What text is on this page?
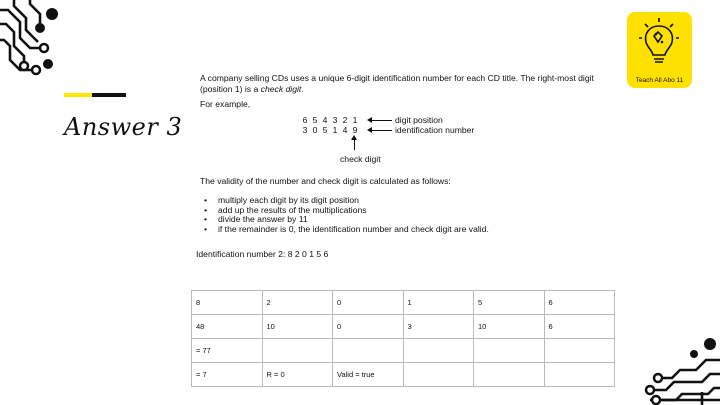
Answer 3
Teach All Abo 11
A company selling CDs uses a unique 6-digit identification number for each CD title. The right-most digit (position 1) is a check digit.
For example,
6 5 4 3 2 1
3 0 5 1 4 9
digit position
identification number
check digit
The validity of the number and check digit is calculated as follows:
• multiply each digit by its digit position
• add up the results of the multiplications
• divide the answer by 11
• if the remainder is 0, the identification number and check digit are valid.
Identification number 2: 8 2 0 1 5 6
8	2	0	1	5	6
48	10	0	3	10	6
= 77					
= 7	R = 0	Valid = true			
